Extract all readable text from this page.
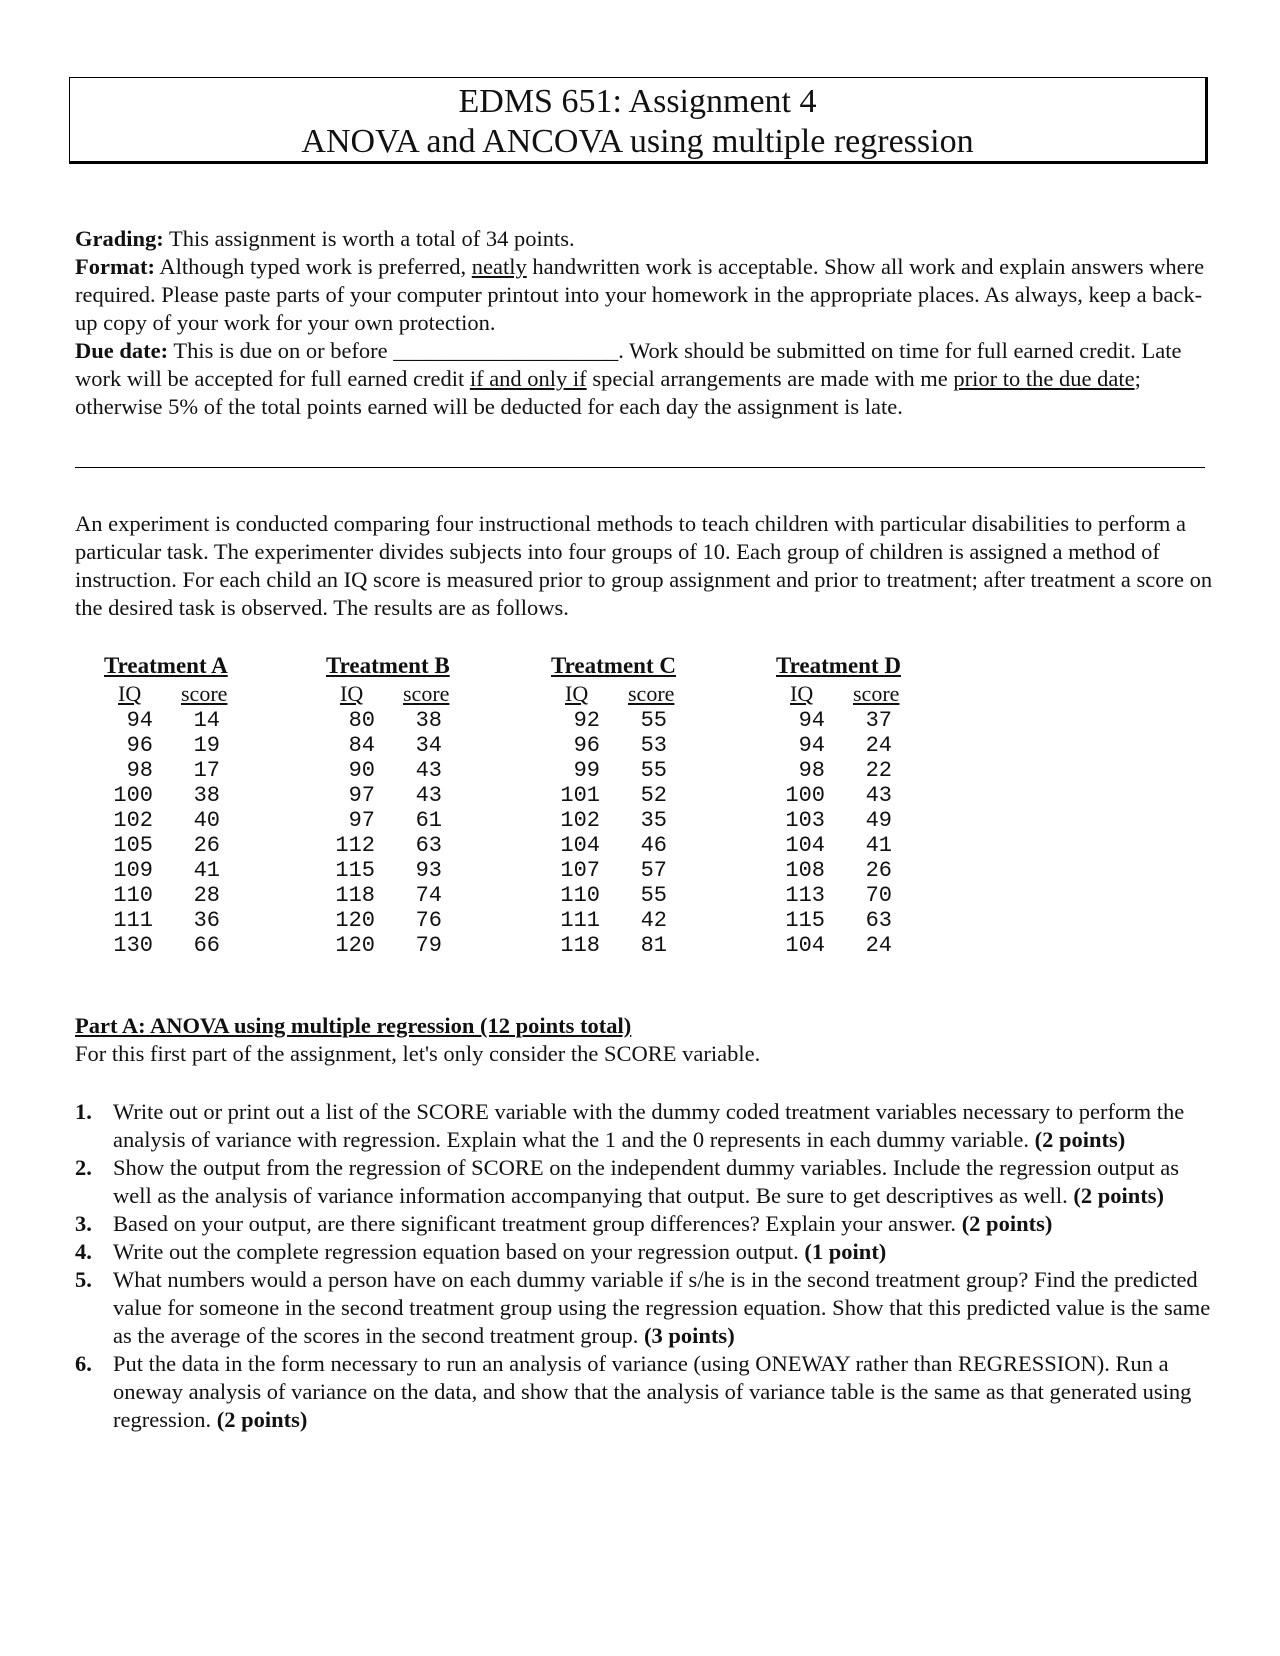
EDMS 651: Assignment 4
ANOVA and ANCOVA using multiple regression

Grading: This assignment is worth a total of 34 points.

Format: Although typed work is preferred, neatly handwritten work is acceptable. Show all work and explain answers where required. Please paste parts of your computer printout into your homework in the appropriate places. As always, keep a back-up copy of your work for your own protection.

Due date: This is due on or before ____________________. Work should be submitted on time for full earned credit. Late work will be accepted for full earned credit if and only if special arrangements are made with me prior to the due date; otherwise 5% of the total points earned will be deducted for each day the assignment is late.

An experiment is conducted comparing four instructional methods to teach children with particular disabilities to perform a particular task. The experimenter divides subjects into four groups of 10. Each group of children is assigned a method of instruction. For each child an IQ score is measured prior to group assignment and prior to treatment; after treatment a score on the desired task is observed. The results are as follows.

Treatment A
IQ score
94 14
96 19
98 17
100 38
102 40
105 26
109 41
110 28
111 36
130 66
Treatment B
IQ score
80 38
84 34
90 43
97 43
97 61
112 63
115 93
118 74
120 76
120 79
Treatment C
IQ score
92 55
96 53
99 55
101 52
102 35
104 46
107 57
110 55
111 42
118 81
Treatment D
IQ score
94 37
94 24
98 22
100 43
103 49
104 41
108 26
113 70
115 63
104 24

Part A: ANOVA using multiple regression (12 points total)

For this first part of the assignment, let's only consider the SCORE variable.

1. Write out or print out a list of the SCORE variable with the dummy coded treatment variables necessary to perform the analysis of variance with regression. Explain what the 1 and the 0 represents in each dummy variable. (2 points)
2. Show the output from the regression of SCORE on the independent dummy variables. Include the regression output as well as the analysis of variance information accompanying that output. Be sure to get descriptives as well. (2 points)
3. Based on your output, are there significant treatment group differences? Explain your answer. (2 points)
4. Write out the complete regression equation based on your regression output. (1 point)
5. What numbers would a person have on each dummy variable if s/he is in the second treatment group? Find the predicted value for someone in the second treatment group using the regression equation. Show that this predicted value is the same as the average of the scores in the second treatment group. (3 points)
6. Put the data in the form necessary to run an analysis of variance (using ONEWAY rather than REGRESSION). Run a oneway analysis of variance on the data, and show that the analysis of variance table is the same as that generated using regression. (2 points)
